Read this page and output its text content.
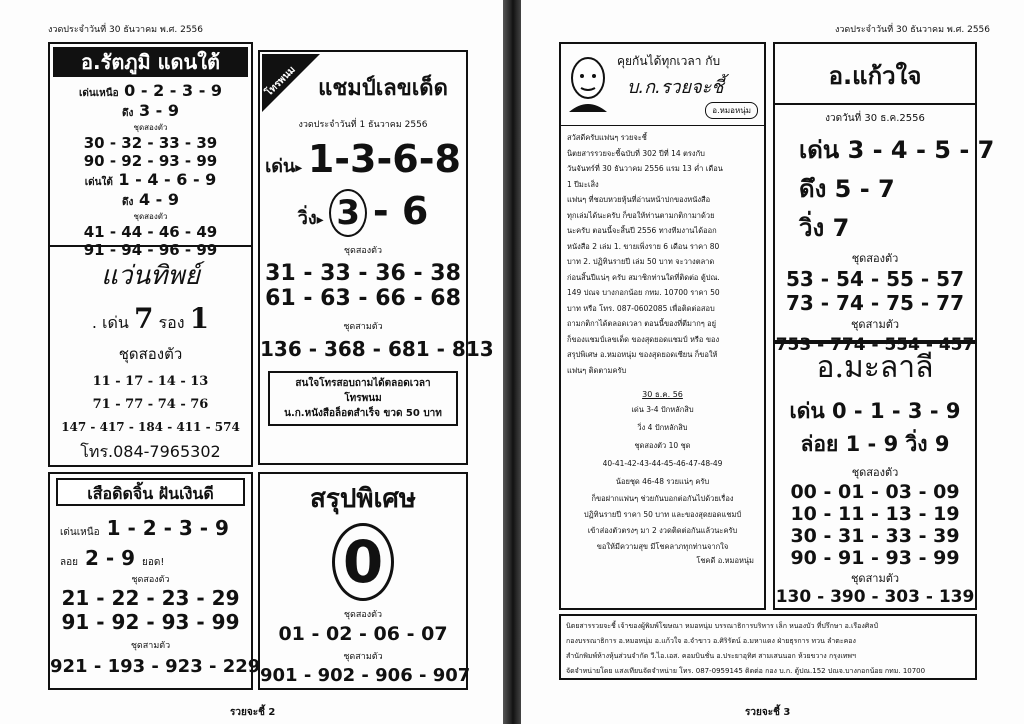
งวดประจำวันที่ 30 ธันวาคม พ.ศ. 2556
อ.รัตภูมิ แดนใต้
เด่นเหนือ 0 - 2 - 3 - 9
ดึง 3 - 9
ชุดสองตัว
30 - 32 - 33 - 39
90 - 92 - 93 - 99
เด่นใต้ 1 - 4 - 6 - 9
ดึง 4 - 9
ชุดสองตัว
41 - 44 - 46 - 49
91 - 94 - 96 - 99
แว่นทิพย์
. เด่น 7 รอง 1
ชุดสองตัว
11 - 17 - 14 - 13
71 - 77 - 74 - 76
147 - 417 - 184 - 411 - 574
โทร.084-7965302
โทรพนม แชมป์เลขเด็ด
งวดประจำวันที่ 1 ธันวาคม 2556
เด่น▸ 1-3-6-8
วิ่ง▸ 3 - 6
ชุดสองตัว
31 - 33 - 36 - 38
61 - 63 - 66 - 68
ชุดสามตัว
136 - 368 - 681 - 813
สนใจโทรสอบถามได้ตลอดเวลา
โทรพนม
น.ก.หนังสือล็อตสำเร็จ ขวด 50 บาท
เสือดิดจิ้น ฝันเงินดี
เด่นเหนือ 1 - 2 - 3 - 9
ลอย 2 - 9 ยอด!
ชุดสองตัว
21 - 22 - 23 - 29
91 - 92 - 93 - 99
ชุดสามตัว
921 - 193 - 923 - 229
สรุปพิเศษ
0
ชุดสองตัว
01 - 02 - 06 - 07
ชุดสามตัว
901 - 902 - 906 - 907
รวยจะชี้ 2
งวดประจำวันที่ 30 ธันวาคม พ.ศ. 2556
คุยกันได้ทุกเวลา กับ
บ.ก.รวยจะชี้
อ.หมอหนุ่ม
สวัสดีครับแฟนๆ รวยจะชี้
นิตยสารรวยจะชี้ฉบับที่ 302 ปีที่ 14 ตรงกับ
วันจันทร์ที่ 30 ธันวาคม 2556 แรม 13 ค่ำ เดือน
1 ปีมะเส็ง
แฟนๆ ที่ชอบหวยหุ้นที่อ่านหน้าปกของหนังสือ
ทุกเล่มได้นะครับ ก็ขอให้ท่านตามกติกามาด้วย
นะครับ ตอนนี้จะสิ้นปี 2556 ทางทีมงานได้ออก
หนังสือ 2 เล่ม 1. ขายเพิ่งราย 6 เดือน ราคา 80
บาท 2. ปฏิทินรายปี เล่ม 50 บาท จะวางตลาด
ก่อนสิ้นปีแน่ๆ ครับ สมาชิกท่านใดที่ติดต่อ ตู้ปณ.
149 ปณจ บางกอกน้อย กทม. 10700 ราคา 50
บาท หรือ โทร. 087-0602085 เพื่อติดต่อสอบ
ถามกติกาได้ตลอดเวลา ตอนนี้ของที่ตีมากๆ อยู่
ก็ของแชมป์เลขเด็ด ของสุดยอดแชมป์ หรือ ของ
สรุปพิเศษ อ.หมอหนุ่ม ของสุดยอดเซียน ก็ขอให้
แฟนๆ ติดตามครับ
30 ธ.ค. 56
เด่น 3-4 ปักหลักสิบ
วิ่ง 4 ปักหลักสิบ
ชุดสองตัว 10 ชุด
40-41-42-43-44-45-46-47-48-49
น้อยชุด 46-48 รวยแน่ๆ ครับ
ก็ขอฝากแฟนๆ ช่วยกันบอกต่อกันไปด้วยเรื่อง
ปฏิทินรายปี ราคา 50 บาท และของสุดยอดแชมป์
เข้าส่องตัวตรงๆ มา 2 งวดติดต่อกันแล้วนะครับ
ขอให้มีความสุข มีโชคลาภทุกท่านจากใจ
โชคดี อ.หมอหนุ่ม
อ.แก้วใจ
งวดวันที่ 30 ธ.ค.2556
เด่น 3 - 4 - 5 - 7
ดึง 5 - 7
วิ่ง 7
ชุดสองตัว
53 - 54 - 55 - 57
73 - 74 - 75 - 77
ชุดสามตัว
753 - 774 - 554 - 457
อ.มะลาลี
เด่น 0 - 1 - 3 - 9
ล่อย 1 - 9 วิ่ง 9
ชุดสองตัว
00 - 01 - 03 - 09
10 - 11 - 13 - 19
30 - 31 - 33 - 39
90 - 91 - 93 - 99
ชุดสามตัว
130 - 390 - 303 - 139
นิตยสารรวยจะชี้ เจ้าของผู้พิมพ์โฆษณา หมอหนุ่ม บรรณาธิการบริหาร เล็ก หนองบัว ที่ปรึกษา อ.เรืองศิลป์
กองบรรณาธิการ อ.หมอหนุ่ม อ.แก้วใจ อ.จำขาว อ.ศิริรัตน์ อ.มหาแดง ฝ่ายธุรการ ทวน ลำตะคอง
สำนักพิมพ์ห้างหุ้นส่วนจำกัด วี.ไอ.เอส. คอมบินชั่น อ.ประยาอุทิศ สามเสนนอก ห้วยขวาง กรุงเทพฯ
จัดจำหน่ายโดย แสงเทียนจัดจำหน่าย โทร. 087-0959145 ติดต่อ กอง บ.ก. ตู้ปณ.152 ปณจ.บางกอกน้อย กทม. 10700
รวยจะชี้ 3
